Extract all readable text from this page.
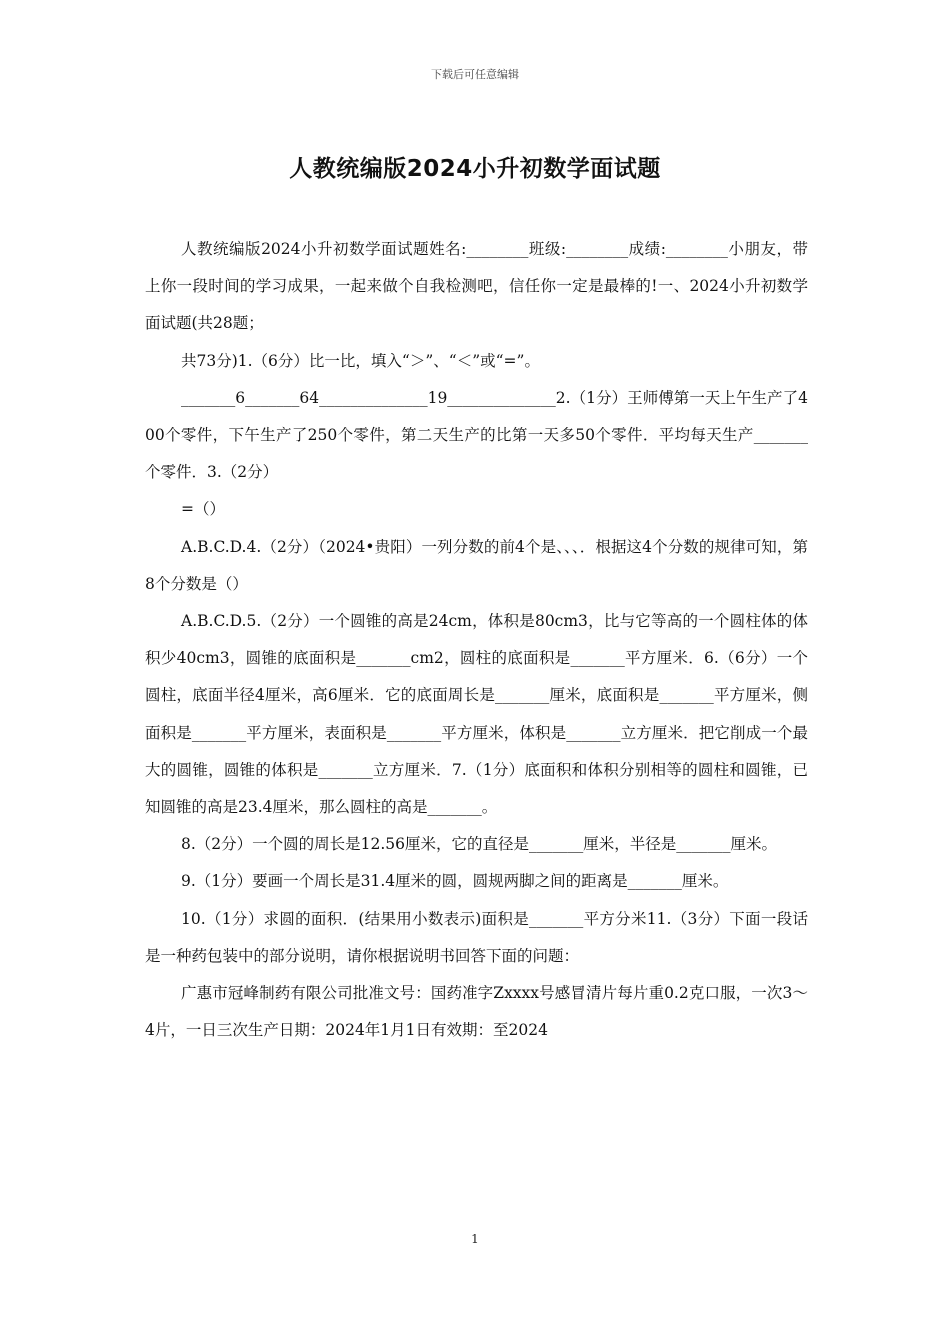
下载后可任意编辑
人教统编版2024小升初数学面试题

人教统编版2024小升初数学面试题姓名:________班级:________成绩:________小朋友，带上你一段时间的学习成果，一起来做个自我检测吧，信任你一定是最棒的!一、2024小升初数学面试题(共28题；

共73分)1.（6分）比一比，填入“＞”、“＜”或“=”。

_______6_______64______________19______________2.（1分）王师傅第一天上午生产了400个零件，下午生产了250个零件，第二天生产的比第一天多50个零件．平均每天生产_______个零件．3.（2分）

=（）

A.B.C.D.4.（2分）（2024•贵阳）一列分数的前4个是、、、．根据这4个分数的规律可知，第8个分数是（）

A.B.C.D.5.（2分）一个圆锥的高是24cm，体积是80cm3，比与它等高的一个圆柱体的体积少40cm3，圆锥的底面积是_______cm2，圆柱的底面积是_______平方厘米．6.（6分）一个圆柱，底面半径4厘米，高6厘米．它的底面周长是_______厘米，底面积是_______平方厘米，侧面积是_______平方厘米，表面积是_______平方厘米，体积是_______立方厘米．把它削成一个最大的圆锥，圆锥的体积是_______立方厘米．7.（1分）底面积和体积分别相等的圆柱和圆锥，已知圆锥的高是23.4厘米，那么圆柱的高是_______。

8.（2分）一个圆的周长是12.56厘米，它的直径是_______厘米，半径是_______厘米。

9.（1分）要画一个周长是31.4厘米的圆，圆规两脚之间的距离是_______厘米。

10.（1分）求圆的面积．(结果用小数表示)面积是_______平方分米11.（3分）下面一段话是一种药包装中的部分说明，请你根据说明书回答下面的问题：

广惠市冠峰制药有限公司批准文号：国药准字Zxxxx号感冒清片每片重0.2克口服，一次3～4片，一日三次生产日期：2024年1月1日有效期：至2024

1
